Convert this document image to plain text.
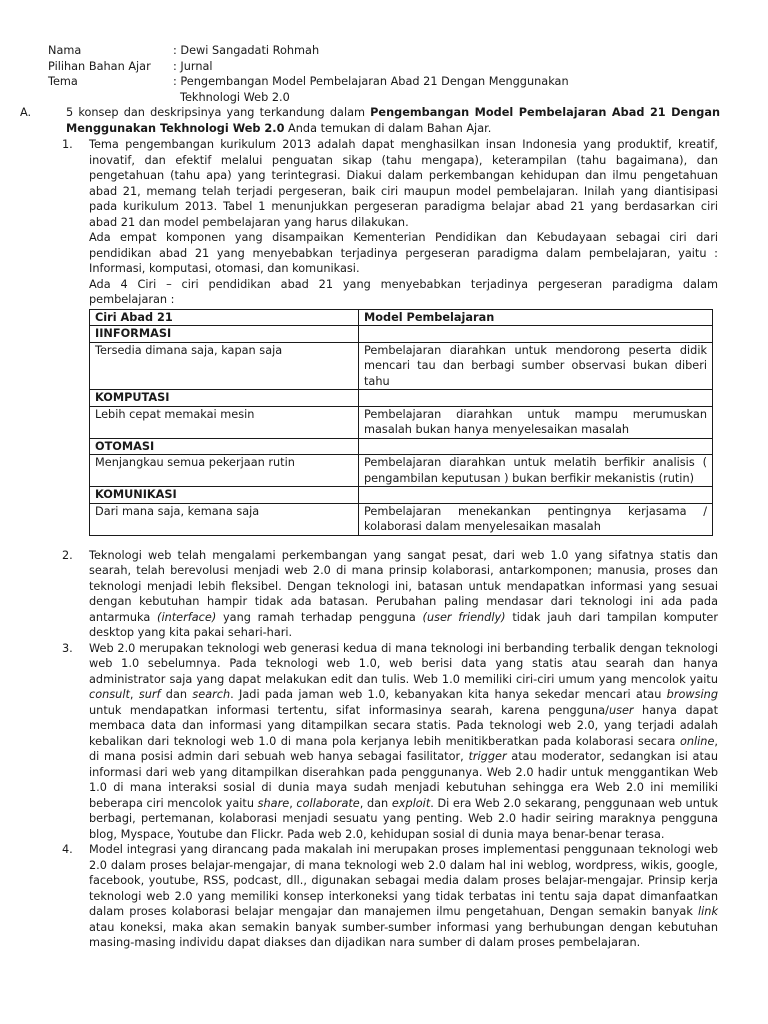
Nama	: Dewi Sangadati Rohmah
Pilihan Bahan Ajar	: Jurnal
Tema	: Pengembangan Model Pembelajaran Abad 21 Dengan Menggunakan
Tekhnologi Web 2.0
A.	5 konsep dan deskripsinya yang terkandung dalam Pengembangan Model Pembelajaran Abad 21 Dengan Menggunakan Tekhnologi Web 2.0 Anda temukan di dalam Bahan Ajar.
1.	Tema pengembangan kurikulum 2013 adalah dapat menghasilkan insan Indonesia yang produktif, kreatif, inovatif, dan efektif melalui penguatan sikap (tahu mengapa), keterampilan (tahu bagaimana), dan pengetahuan (tahu apa) yang terintegrasi. Diakui dalam perkembangan kehidupan dan ilmu pengetahuan abad 21, memang telah terjadi pergeseran, baik ciri maupun model pembelajaran. Inilah yang diantisipasi pada kurikulum 2013. Tabel 1 menunjukkan pergeseran paradigma belajar abad 21 yang berdasarkan ciri abad 21 dan model pembelajaran yang harus dilakukan.
Ada empat komponen yang disampaikan Kementerian Pendidikan dan Kebudayaan sebagai ciri dari pendidikan abad 21 yang menyebabkan terjadinya pergeseran paradigma dalam pembelajaran, yaitu : Informasi, komputasi, otomasi, dan komunikasi.
Ada 4 Ciri – ciri pendidikan abad 21 yang menyebabkan terjadinya pergeseran paradigma dalam pembelajaran :
Ciri Abad 21	Model Pembelajaran
IINFORMASI	
Tersedia dimana saja, kapan saja	Pembelajaran diarahkan untuk mendorong peserta didik mencari tau dan berbagi sumber observasi bukan diberi tahu
KOMPUTASI	
Lebih cepat memakai mesin	Pembelajaran diarahkan untuk mampu merumuskan masalah bukan hanya menyelesaikan masalah
OTOMASI	
Menjangkau semua pekerjaan rutin	Pembelajaran diarahkan untuk melatih berfikir analisis ( pengambilan keputusan ) bukan berfikir mekanistis (rutin)
KOMUNIKASI	
Dari mana saja, kemana saja	Pembelajaran menekankan pentingnya kerjasama / kolaborasi dalam menyelesaikan masalah
2.	Teknologi web telah mengalami perkembangan yang sangat pesat, dari web 1.0 yang sifatnya statis dan searah, telah berevolusi menjadi web 2.0 di mana prinsip kolaborasi, antarkomponen; manusia, proses dan teknologi menjadi lebih fleksibel. Dengan teknologi ini, batasan untuk mendapatkan informasi yang sesuai dengan kebutuhan hampir tidak ada batasan. Perubahan paling mendasar dari teknologi ini ada pada antarmuka (interface) yang ramah terhadap pengguna (user friendly) tidak jauh dari tampilan komputer desktop yang kita pakai sehari-hari.
3.	Web 2.0 merupakan teknologi web generasi kedua di mana teknologi ini berbanding terbalik dengan teknologi web 1.0 sebelumnya. Pada teknologi web 1.0, web berisi data yang statis atau searah dan hanya administrator saja yang dapat melakukan edit dan tulis. Web 1.0 memiliki ciri-ciri umum yang mencolok yaitu consult, surf dan search. Jadi pada jaman web 1.0, kebanyakan kita hanya sekedar mencari atau browsing untuk mendapatkan informasi tertentu, sifat informasinya searah, karena pengguna/user hanya dapat membaca data dan informasi yang ditampilkan secara statis. Pada teknologi web 2.0, yang terjadi adalah kebalikan dari teknologi web 1.0 di mana pola kerjanya lebih menitikberatkan pada kolaborasi secara online, di mana posisi admin dari sebuah web hanya sebagai fasilitator, trigger atau moderator, sedangkan isi atau informasi dari web yang ditampilkan diserahkan pada penggunanya. Web 2.0 hadir untuk menggantikan Web 1.0 di mana interaksi sosial di dunia maya sudah menjadi kebutuhan sehingga era Web 2.0 ini memiliki beberapa ciri mencolok yaitu share, collaborate, dan exploit. Di era Web 2.0 sekarang, penggunaan web untuk berbagi, pertemanan, kolaborasi menjadi sesuatu yang penting. Web 2.0 hadir seiring maraknya pengguna blog, Myspace, Youtube dan Flickr. Pada web 2.0, kehidupan sosial di dunia maya benar-benar terasa.
4.	Model integrasi yang dirancang pada makalah ini merupakan proses implementasi penggunaan teknologi web 2.0 dalam proses belajar-mengajar, di mana teknologi web 2.0 dalam hal ini weblog, wordpress, wikis, google, facebook, youtube, RSS, podcast, dll., digunakan sebagai media dalam proses belajar-mengajar. Prinsip kerja teknologi web 2.0 yang memiliki konsep interkoneksi yang tidak terbatas ini tentu saja dapat dimanfaatkan dalam proses kolaborasi belajar mengajar dan manajemen ilmu pengetahuan, Dengan semakin banyak link atau koneksi, maka akan semakin banyak sumber-sumber informasi yang berhubungan dengan kebutuhan masing-masing individu dapat diakses dan dijadikan nara sumber di dalam proses pembelajaran.
